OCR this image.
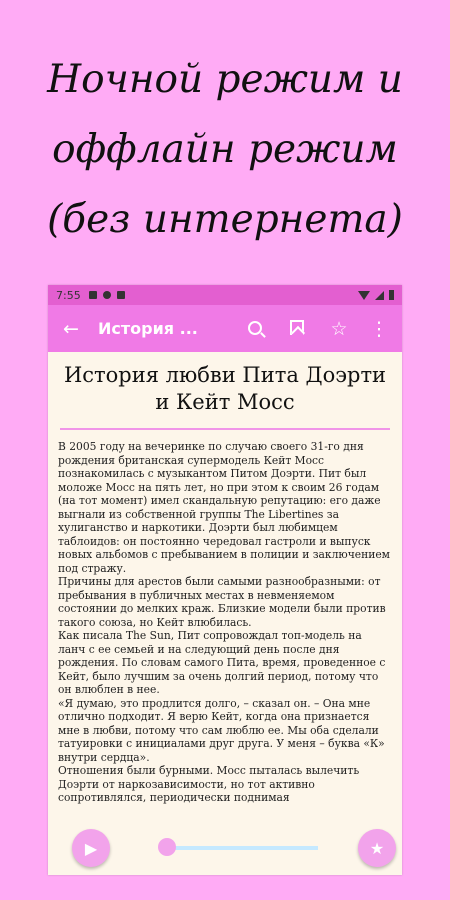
Ночной режим и
оффлайн режим
(без интернета)
7:55
←	История ...	☆	⋮
История любви Пита Доэрти и Кейт Мосс

В 2005 году на вечеринке по случаю своего 31-го дня рождения британская супермодель Кейт Мосс познакомилась с музыкантом Питом Доэрти. Пит был моложе Мосс на пять лет, но при этом к своим 26 годам (на тот момент) имел скандальную репутацию: его даже выгнали из собственной группы The Libertines за хулиганство и наркотики. Доэрти был любимцем таблоидов: он постоянно чередовал гастроли и выпуск новых альбомов с пребыванием в полиции и заключением под стражу.

Причины для арестов были самыми разнообразными: от пребывания в публичных местах в невменяемом состоянии до мелких краж. Близкие модели были против такого союза, но Кейт влюбилась.

Как писала The Sun, Пит сопровождал топ-модель на ланч с ее семьей и на следующий день после дня рождения. По словам самого Пита, время, проведенное с Кейт, было лучшим за очень долгий период, потому что он влюблен в нее.

«Я думаю, это продлится долго, – сказал он. – Она мне отлично подходит. Я верю Кейт, когда она признается мне в любви, потому что сам люблю ее. Мы оба сделали татуировки с инициалами друг друга. У меня – буква «К» внутри сердца».

Отношения были бурными. Мосс пыталась вылечить Доэрти от наркозависимости, но тот активно сопротивлялся, периодически поднимая

▶	★
